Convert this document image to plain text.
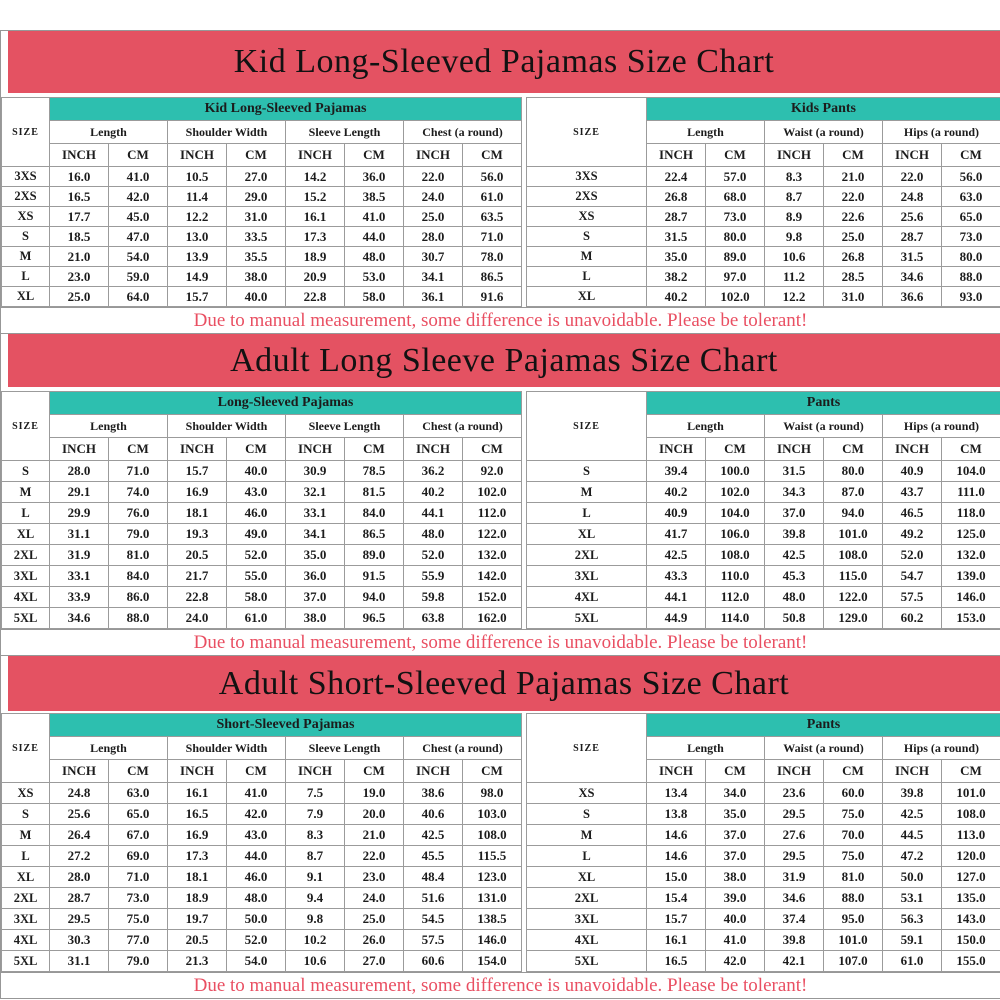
Kid Long-Sleeved Pajamas Size Chart
SIZE	Kid Long-Sleeved Pajamas							
	Length		Shoulder Width		Sleeve Length		Chest (a round)	
	INCH	CM	INCH	CM	INCH	CM	INCH	CM
3XS	16.0	41.0	10.5	27.0	14.2	36.0	22.0	56.0
2XS	16.5	42.0	11.4	29.0	15.2	38.5	24.0	61.0
XS	17.7	45.0	12.2	31.0	16.1	41.0	25.0	63.5
S	18.5	47.0	13.0	33.5	17.3	44.0	28.0	71.0
M	21.0	54.0	13.9	35.5	18.9	48.0	30.7	78.0
L	23.0	59.0	14.9	38.0	20.9	53.0	34.1	86.5
XL	25.0	64.0	15.7	40.0	22.8	58.0	36.1	91.6
SIZE	Kids Pants					
	Length		Waist (a round)		Hips (a round)	
	INCH	CM	INCH	CM	INCH	CM
3XS	22.4	57.0	8.3	21.0	22.0	56.0
2XS	26.8	68.0	8.7	22.0	24.8	63.0
XS	28.7	73.0	8.9	22.6	25.6	65.0
S	31.5	80.0	9.8	25.0	28.7	73.0
M	35.0	89.0	10.6	26.8	31.5	80.0
L	38.2	97.0	11.2	28.5	34.6	88.0
XL	40.2	102.0	12.2	31.0	36.6	93.0
Due to manual measurement, some difference is unavoidable. Please be tolerant!
Adult Long Sleeve Pajamas Size Chart
SIZE	Long-Sleeved Pajamas							
	Length		Shoulder Width		Sleeve Length		Chest (a round)	
	INCH	CM	INCH	CM	INCH	CM	INCH	CM
S	28.0	71.0	15.7	40.0	30.9	78.5	36.2	92.0
M	29.1	74.0	16.9	43.0	32.1	81.5	40.2	102.0
L	29.9	76.0	18.1	46.0	33.1	84.0	44.1	112.0
XL	31.1	79.0	19.3	49.0	34.1	86.5	48.0	122.0
2XL	31.9	81.0	20.5	52.0	35.0	89.0	52.0	132.0
3XL	33.1	84.0	21.7	55.0	36.0	91.5	55.9	142.0
4XL	33.9	86.0	22.8	58.0	37.0	94.0	59.8	152.0
5XL	34.6	88.0	24.0	61.0	38.0	96.5	63.8	162.0
SIZE	Pants					
	Length		Waist (a round)		Hips (a round)	
	INCH	CM	INCH	CM	INCH	CM
S	39.4	100.0	31.5	80.0	40.9	104.0
M	40.2	102.0	34.3	87.0	43.7	111.0
L	40.9	104.0	37.0	94.0	46.5	118.0
XL	41.7	106.0	39.8	101.0	49.2	125.0
2XL	42.5	108.0	42.5	108.0	52.0	132.0
3XL	43.3	110.0	45.3	115.0	54.7	139.0
4XL	44.1	112.0	48.0	122.0	57.5	146.0
5XL	44.9	114.0	50.8	129.0	60.2	153.0
Due to manual measurement, some difference is unavoidable. Please be tolerant!
Adult Short-Sleeved Pajamas Size Chart
SIZE	Short-Sleeved Pajamas							
	Length		Shoulder Width		Sleeve Length		Chest (a round)	
	INCH	CM	INCH	CM	INCH	CM	INCH	CM
XS	24.8	63.0	16.1	41.0	7.5	19.0	38.6	98.0
S	25.6	65.0	16.5	42.0	7.9	20.0	40.6	103.0
M	26.4	67.0	16.9	43.0	8.3	21.0	42.5	108.0
L	27.2	69.0	17.3	44.0	8.7	22.0	45.5	115.5
XL	28.0	71.0	18.1	46.0	9.1	23.0	48.4	123.0
2XL	28.7	73.0	18.9	48.0	9.4	24.0	51.6	131.0
3XL	29.5	75.0	19.7	50.0	9.8	25.0	54.5	138.5
4XL	30.3	77.0	20.5	52.0	10.2	26.0	57.5	146.0
5XL	31.1	79.0	21.3	54.0	10.6	27.0	60.6	154.0
SIZE	Pants					
	Length		Waist (a round)		Hips (a round)	
	INCH	CM	INCH	CM	INCH	CM
XS	13.4	34.0	23.6	60.0	39.8	101.0
S	13.8	35.0	29.5	75.0	42.5	108.0
M	14.6	37.0	27.6	70.0	44.5	113.0
L	14.6	37.0	29.5	75.0	47.2	120.0
XL	15.0	38.0	31.9	81.0	50.0	127.0
2XL	15.4	39.0	34.6	88.0	53.1	135.0
3XL	15.7	40.0	37.4	95.0	56.3	143.0
4XL	16.1	41.0	39.8	101.0	59.1	150.0
5XL	16.5	42.0	42.1	107.0	61.0	155.0
Due to manual measurement, some difference is unavoidable. Please be tolerant!
